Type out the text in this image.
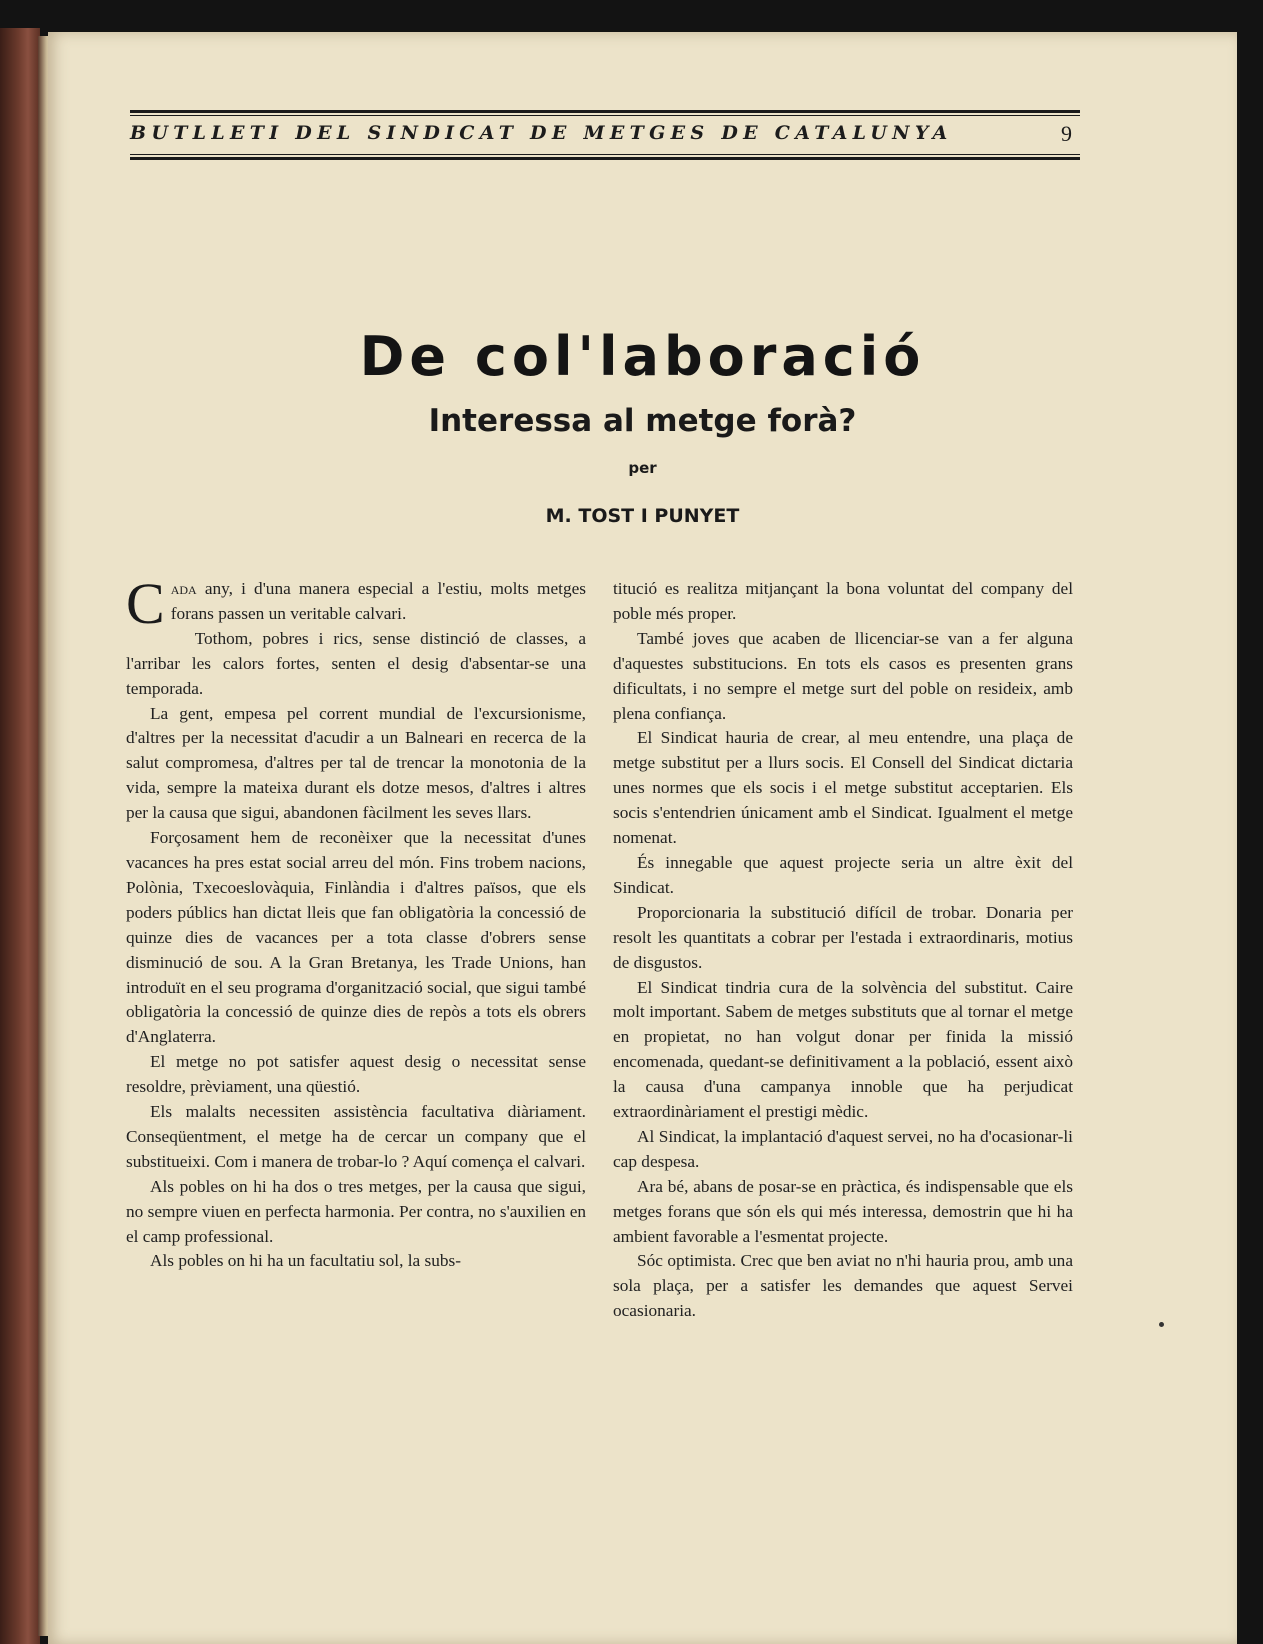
BUTLLETI DEL SINDICAT DE METGES DE CATALUNYA	9
De col'laboració
Interessa al metge forà?
per
M. TOST I PUNYET

Cada any, i d'una manera especial a l'estiu, molts metges forans passen un veritable calvari.

Tothom, pobres i rics, sense distinció de classes, a l'arribar les calors fortes, senten el desig d'absentar-se una temporada.

La gent, empesa pel corrent mundial de l'excursionisme, d'altres per la necessitat d'acudir a un Balneari en recerca de la salut compromesa, d'altres per tal de trencar la monotonia de la vida, sempre la mateixa durant els dotze mesos, d'altres i altres per la causa que sigui, abandonen fàcilment les seves llars.

Forçosament hem de reconèixer que la necessitat d'unes vacances ha pres estat social arreu del món. Fins trobem nacions, Polònia, Txecoeslovàquia, Finlàndia i d'altres països, que els poders públics han dictat lleis que fan obligatòria la concessió de quinze dies de vacances per a tota classe d'obrers sense disminució de sou. A la Gran Bretanya, les Trade Unions, han introduït en el seu programa d'organització social, que sigui també obligatòria la concessió de quinze dies de repòs a tots els obrers d'Anglaterra.

El metge no pot satisfer aquest desig o necessitat sense resoldre, prèviament, una qüestió.

Els malalts necessiten assistència facultativa diàriament. Conseqüentment, el metge ha de cercar un company que el substitueixi. Com i manera de trobar-lo ? Aquí comença el calvari.

Als pobles on hi ha dos o tres metges, per la causa que sigui, no sempre viuen en perfecta harmonia. Per contra, no s'auxilien en el camp professional.

Als pobles on hi ha un facultatiu sol, la subs-

titució es realitza mitjançant la bona voluntat del company del poble més proper.

També joves que acaben de llicenciar-se van a fer alguna d'aquestes substitucions. En tots els casos es presenten grans dificultats, i no sempre el metge surt del poble on resideix, amb plena confiança.

El Sindicat hauria de crear, al meu entendre, una plaça de metge substitut per a llurs socis. El Consell del Sindicat dictaria unes normes que els socis i el metge substitut acceptarien. Els socis s'entendrien únicament amb el Sindicat. Igualment el metge nomenat.

És innegable que aquest projecte seria un altre èxit del Sindicat.

Proporcionaria la substitució difícil de trobar. Donaria per resolt les quantitats a cobrar per l'estada i extraordinaris, motius de disgustos.

El Sindicat tindria cura de la solvència del substitut. Caire molt important. Sabem de metges substituts que al tornar el metge en propietat, no han volgut donar per finida la missió encomenada, quedant-se definitivament a la població, essent això la causa d'una campanya innoble que ha perjudicat extraordinàriament el prestigi mèdic.

Al Sindicat, la implantació d'aquest servei, no ha d'ocasionar-li cap despesa.

Ara bé, abans de posar-se en pràctica, és indispensable que els metges forans que són els qui més interessa, demostrin que hi ha ambient favorable a l'esmentat projecte.

Sóc optimista. Crec que ben aviat no n'hi hauria prou, amb una sola plaça, per a satisfer les demandes que aquest Servei ocasionaria.
